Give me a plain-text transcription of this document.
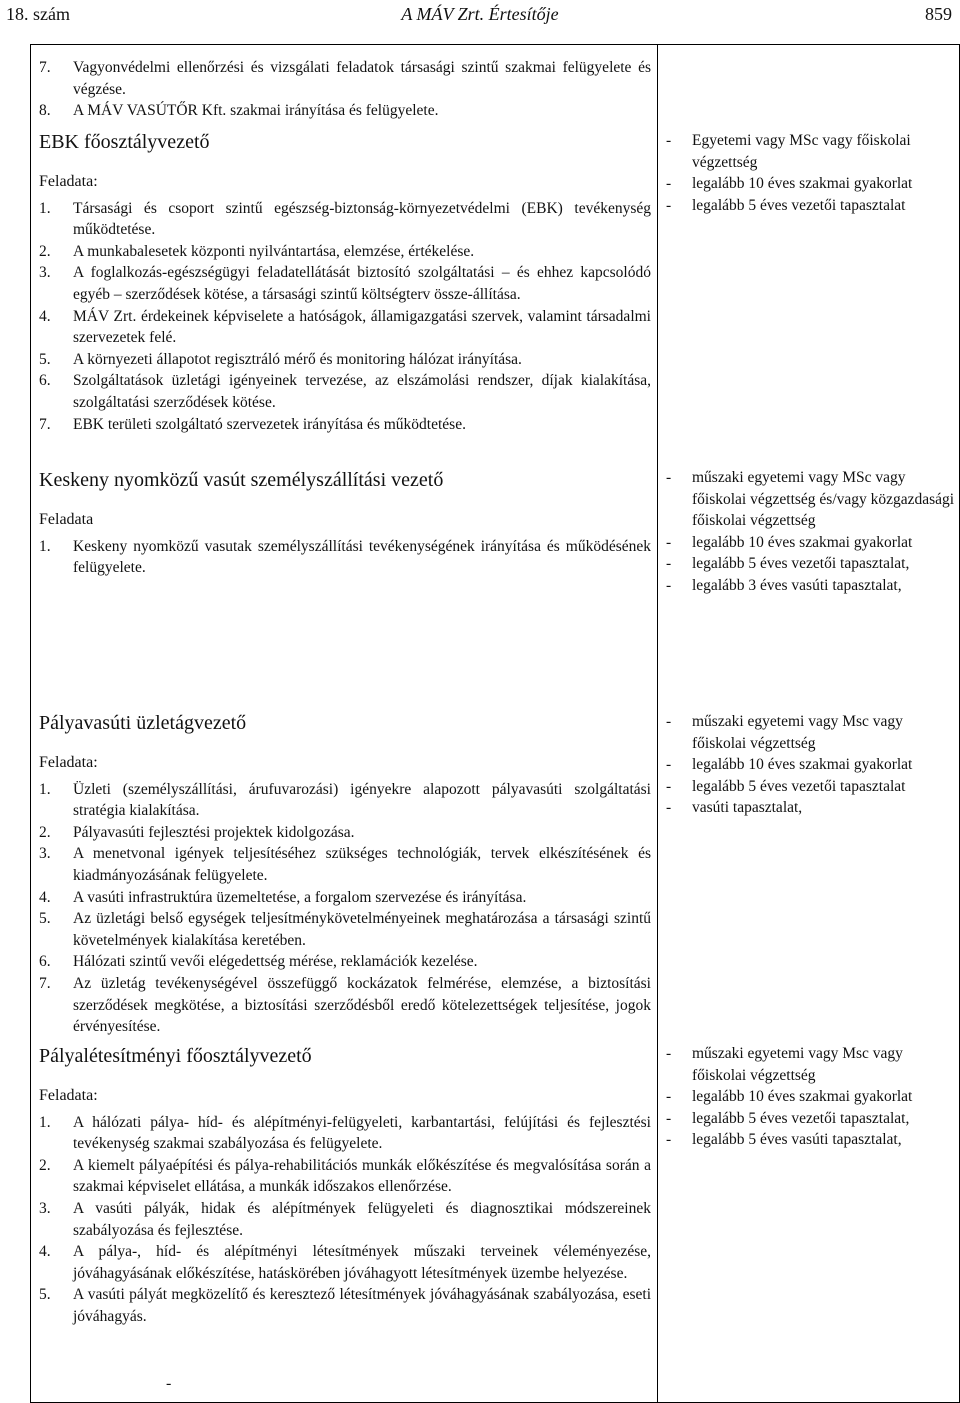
18. szám	A MÁV Zrt. Értesítője	859
7.	Vagyonvédelmi ellenőrzési és vizsgálati feladatok társasági szintű szakmai felügyelete és végzése.
8.	A MÁV VASÚTŐR Kft. szakmai irányítása és felügyelete.
EBK főosztályvezető
Feladata:
1.	Társasági és csoport szintű egészség-biztonság-környezetvédelmi (EBK) tevékenység működtetése.
2.	A munkabalesetek központi nyilvántartása, elemzése, értékelése.
3.	A foglalkozás-egészségügyi feladatellátását biztosító szolgáltatási – és ehhez kapcsolódó egyéb – szerződések kötése, a társasági szintű költségterv össze-állítása.
4.	MÁV Zrt. érdekeinek képviselete a hatóságok, államigazgatási szervek, valamint társadalmi szervezetek felé.
5.	A környezeti állapotot regisztráló mérő és monitoring hálózat irányítása.
6.	Szolgáltatások üzletági igényeinek tervezése, az elszámolási rendszer, díjak kialakítása, szolgáltatási szerződések kötése.
7.	EBK területi szolgáltató szervezetek irányítása és működtetése.
-	Egyetemi vagy MSc vagy főiskolai végzettség
-	legalább 10 éves szakmai gyakorlat
-	legalább 5 éves vezetői tapasztalat
Keskeny nyomközű vasút személyszállítási vezető
Feladata
1.	Keskeny nyomközű vasutak személyszállítási tevékenységének irányítása és működésének felügyelete.
-	műszaki egyetemi vagy MSc vagy főiskolai végzettség és/vagy közgazdasági főiskolai végzettség
-	legalább 10 éves szakmai gyakorlat
-	legalább 5 éves vezetői tapasztalat,
-	legalább 3 éves vasúti tapasztalat,
Pályavasúti üzletágvezető
Feladata:
1.	Üzleti (személyszállítási, árufuvarozási) igényekre alapozott pályavasúti szolgáltatási stratégia kialakítása.
2.	Pályavasúti fejlesztési projektek kidolgozása.
3.	A menetvonal igények teljesítéséhez szükséges technológiák, tervek elkészítésének és kiadmányozásának felügyelete.
4.	A vasúti infrastruktúra üzemeltetése, a forgalom szervezése és irányítása.
5.	Az üzletági belső egységek teljesítménykövetelményeinek meghatározása a társasági szintű követelmények kialakítása keretében.
6.	Hálózati szintű vevői elégedettség mérése, reklamációk kezelése.
7.	Az üzletág tevékenységével összefüggő kockázatok felmérése, elemzése, a biztosítási szerződések megkötése, a biztosítási szerződésből eredő kötelezettségek teljesítése, jogok érvényesítése.
-	műszaki egyetemi vagy Msc vagy főiskolai végzettség
-	legalább 10 éves szakmai gyakorlat
-	legalább 5 éves vezetői tapasztalat
-	vasúti tapasztalat,
Pályalétesítményi főosztályvezető
Feladata:
1.	A hálózati pálya- híd- és alépítményi-felügyeleti, karbantartási, felújítási és fejlesztési tevékenység szakmai szabályozása és felügyelete.
2.	A kiemelt pályaépítési és pálya-rehabilitációs munkák előkészítése és megvalósítása során a szakmai képviselet ellátása, a munkák időszakos ellenőrzése.
3.	A vasúti pályák, hidak és alépítmények felügyeleti és diagnosztikai módszereinek szabályozása és fejlesztése.
4.	A pálya-, híd- és alépítményi létesítmények műszaki terveinek véleményezése, jóváhagyásának előkészítése, hatáskörében jóváhagyott létesítmények üzembe helyezése.
5.	A vasúti pályát megközelítő és keresztező létesítmények jóváhagyásának szabályozása, eseti jóváhagyás.
-	műszaki egyetemi vagy Msc vagy főiskolai végzettség
-	legalább 10 éves szakmai gyakorlat
-	legalább 5 éves vezetői tapasztalat,
-	legalább 5 éves vasúti tapasztalat,
-
